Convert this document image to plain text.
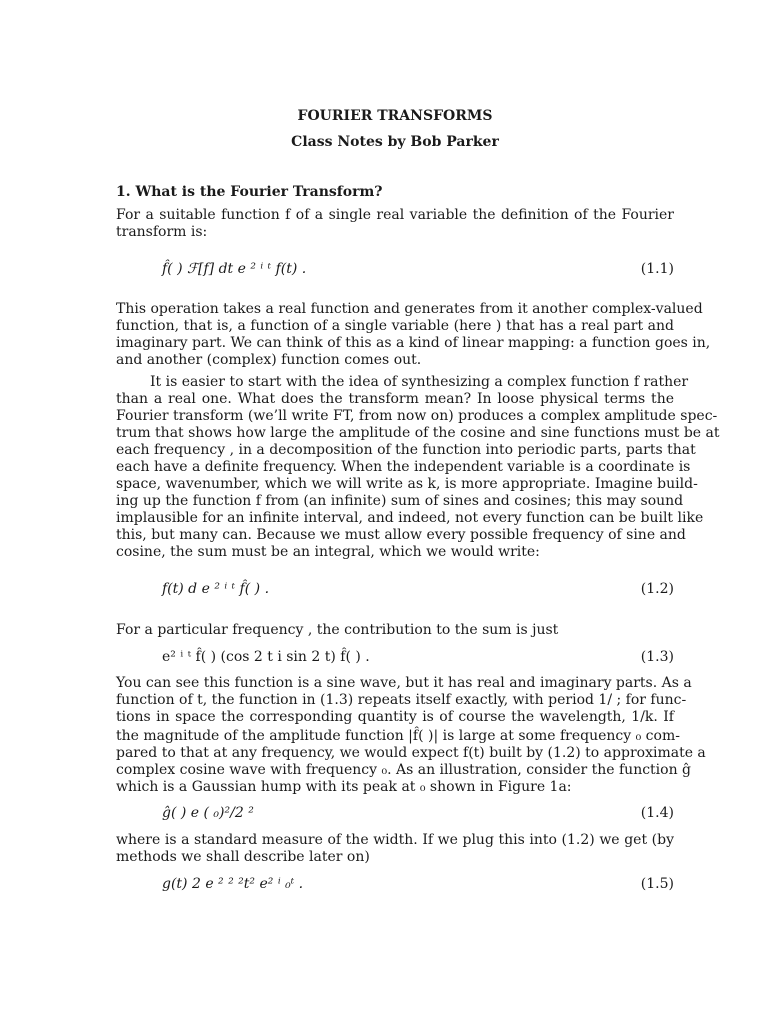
FOURIER TRANSFORMS
Class Notes by Bob Parker
1. What is the Fourier Transform?
For a suitable function f of a single real variable the definition of the Fourier
transform is:
f̂( ) ℱ[f] dt e ² ⁱ ᵗ f(t) .	(1.1)
This operation takes a real function and generates from it another complex-valued
function, that is, a function of a single variable (here ) that has a real part and
imaginary part. We can think of this as a kind of linear mapping: a function goes in,
and another (complex) function comes out.
It is easier to start with the idea of synthesizing a complex function f rather
than a real one. What does the transform mean? In loose physical terms the
Fourier transform (we’ll write FT, from now on) produces a complex amplitude spec-
trum that shows how large the amplitude of the cosine and sine functions must be at
each frequency , in a decomposition of the function into periodic parts, parts that
each have a definite frequency. When the independent variable is a coordinate is
space, wavenumber, which we will write as k, is more appropriate. Imagine build-
ing up the function f from (an infinite) sum of sines and cosines; this may sound
implausible for an infinite interval, and indeed, not every function can be built like
this, but many can. Because we must allow every possible frequency of sine and
cosine, the sum must be an integral, which we would write:
f(t) d e ² ⁱ ᵗ f̂( ) .	(1.2)
For a particular frequency , the contribution to the sum is just
e² ⁱ ᵗ f̂( ) (cos 2 t i sin 2 t) f̂( ) .	(1.3)
You can see this function is a sine wave, but it has real and imaginary parts. As a
function of t, the function in (1.3) repeats itself exactly, with period 1/ ; for func-
tions in space the corresponding quantity is of course the wavelength, 1/k. If
the magnitude of the amplitude function |f̂( )| is large at some frequency ₀ com-
pared to that at any frequency, we would expect f(t) built by (1.2) to approximate a
complex cosine wave with frequency ₀. As an illustration, consider the function ĝ
which is a Gaussian hump with its peak at ₀ shown in Figure 1a:
ĝ( ) e ( ₀)²/2 ²	(1.4)
where is a standard measure of the width. If we plug this into (1.2) we get (by
methods we shall describe later on)
g(t) 2 e ² ² ²t² e² ⁱ ₀ᵗ .	(1.5)
